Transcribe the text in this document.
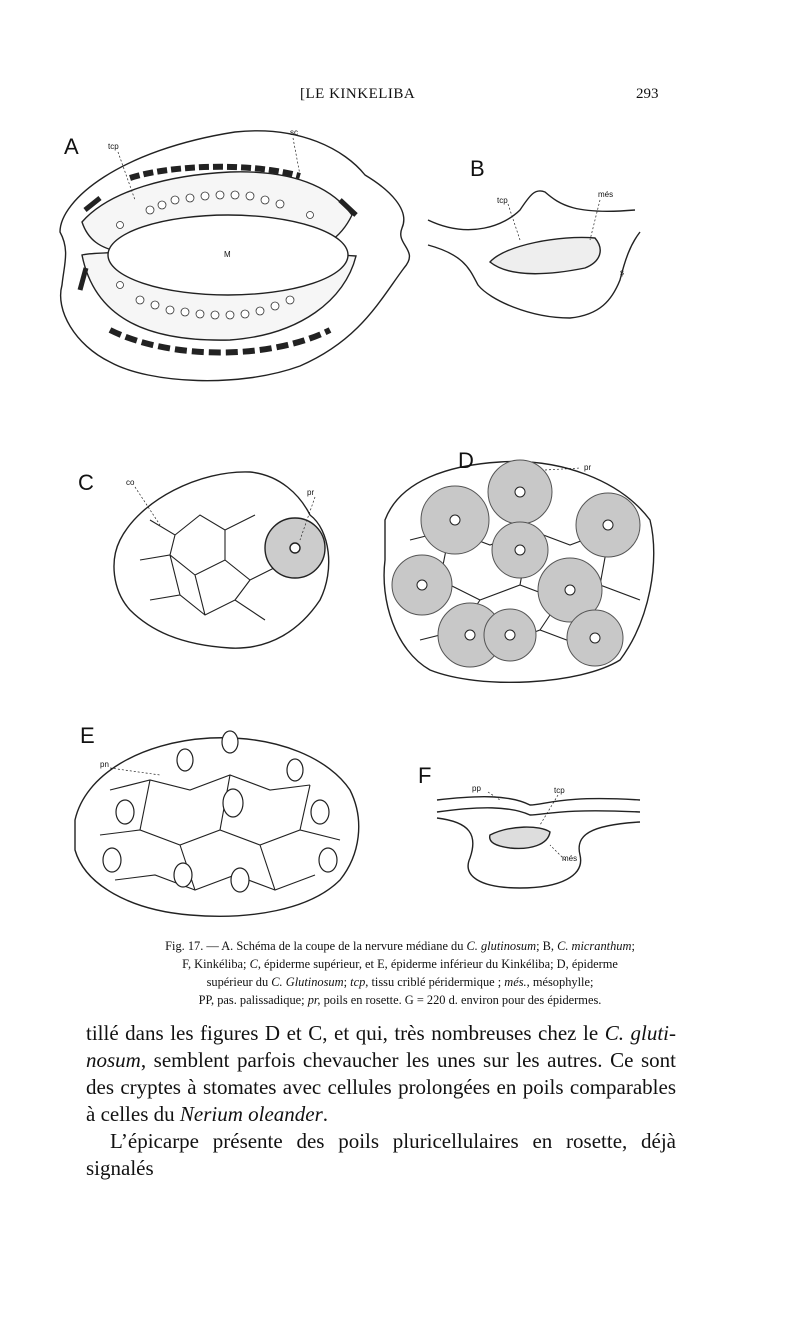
[LE KINKELIBA	293
A
B
C
D
E
F
tcp
sc
M
tcp
més
ş
co
pr
pr
pn
pp	tcp
més
Fig. 17. — A. Schéma de la coupe de la nervure médiane du C. glutinosum; B, C. micranthum;
F, Kinkéliba; C, épiderme supérieur, et E, épiderme inférieur du Kinkéliba; D, épiderme
supérieur du C. Glutinosum; tcp, tissu criblé péridermique ; més., mésophylle;
PP, pas. palissadique; pr, poils en rosette. G = 220 d. environ pour des épidermes.

tillé dans les figures D et C, et qui, très nombreuses chez le C. gluti-nosum, semblent parfois chevaucher les unes sur les autres. Ce sont des cryptes à stomates avec cellules prolongées en poils comparables à celles du Nerium oleander.

L’épicarpe présente des poils pluricellulaires en rosette, déjà signalés
